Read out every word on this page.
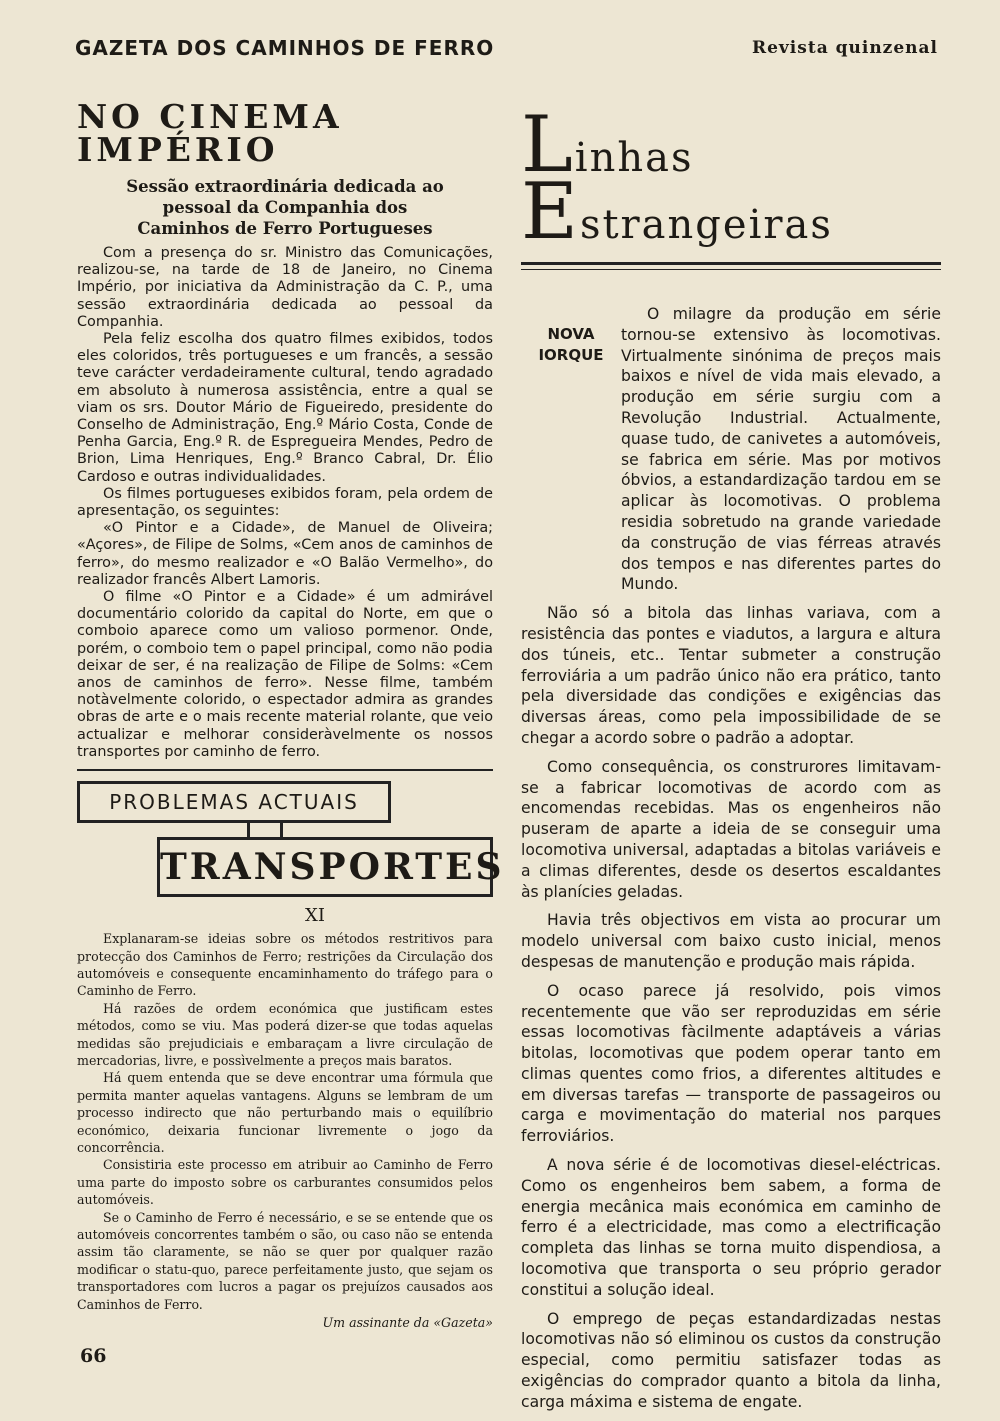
GAZETA DOS CAMINHOS DE FERRO	Revista quinzenal
NO CINEMA IMPÉRIO
Sessão extraordinária dedicada ao pessoal da Companhia dos Caminhos de Ferro Portugueses

Com a presença do sr. Ministro das Comunicações, realizou-se, na tarde de 18 de Janeiro, no Cinema Império, por iniciativa da Administração da C. P., uma sessão extraordinária dedicada ao pessoal da Companhia.

Pela feliz escolha dos quatro filmes exibidos, todos eles coloridos, três portugueses e um francês, a sessão teve carácter verdadeiramente cultural, tendo agradado em absoluto à numerosa assistência, entre a qual se viam os srs. Doutor Mário de Figueiredo, presidente do Conselho de Administração, Eng.º Mário Costa, Conde de Penha Garcia, Eng.º R. de Espregueira Mendes, Pedro de Brion, Lima Henriques, Eng.º Branco Cabral, Dr. Élio Cardoso e outras individualidades.

Os filmes portugueses exibidos foram, pela ordem de apresentação, os seguintes:

«O Pintor e a Cidade», de Manuel de Oliveira; «Açores», de Filipe de Solms, «Cem anos de caminhos de ferro», do mesmo realizador e «O Balão Vermelho», do realizador francês Albert Lamoris.

O filme «O Pintor e a Cidade» é um admirável documentário colorido da capital do Norte, em que o comboio aparece como um valioso pormenor. Onde, porém, o comboio tem o papel principal, como não podia deixar de ser, é na realização de Filipe de Solms: «Cem anos de caminhos de ferro». Nesse filme, também notàvelmente colorido, o espectador admira as grandes obras de arte e o mais recente material rolante, que veio actualizar e melhorar consideràvelmente os nossos transportes por caminho de ferro.

PROBLEMAS ACTUAIS
TRANSPORTES
XI

Explanaram-se ideias sobre os métodos restritivos para protecção dos Caminhos de Ferro; restrições da Circulação dos automóveis e consequente encaminhamento do tráfego para o Caminho de Ferro.

Há razões de ordem económica que justificam estes métodos, como se viu. Mas poderá dizer-se que todas aquelas medidas são prejudiciais e embaraçam a livre circulação de mercadorias, livre, e possìvelmente a preços mais baratos.

Há quem entenda que se deve encontrar uma fórmula que permita manter aquelas vantagens. Alguns se lembram de um processo indirecto que não perturbando mais o equilíbrio económico, deixaria funcionar livremente o jogo da concorrência.

Consistiria este processo em atribuir ao Caminho de Ferro uma parte do imposto sobre os carburantes consumidos pelos automóveis.

Se o Caminho de Ferro é necessário, e se se entende que os automóveis concorrentes também o são, ou caso não se entenda assim tão claramente, se não se quer por qualquer razão modificar o statu-quo, parece perfeitamente justo, que sejam os transportadores com lucros a pagar os prejuízos causados aos Caminhos de Ferro.

Um assinante da «Gazeta»
Linhas Estrangeiras
NOVA IORQUE

O milagre da produção em série tornou-se extensivo às locomotivas. Virtualmente sinónima de preços mais baixos e nível de vida mais elevado, a produção em série surgiu com a Revolução Industrial. Actualmente, quase tudo, de canivetes a automóveis, se fabrica em série. Mas por motivos óbvios, a estandardização tardou em se aplicar às locomotivas. O problema residia sobretudo na grande variedade da construção de vias férreas através dos tempos e nas diferentes partes do Mundo.

Não só a bitola das linhas variava, com a resistência das pontes e viadutos, a largura e altura dos túneis, etc.. Tentar submeter a construção ferroviária a um padrão único não era prático, tanto pela diversidade das condições e exigências das diversas áreas, como pela impossibilidade de se chegar a acordo sobre o padrão a adoptar.

Como consequência, os construrores limitavam-se a fabricar locomotivas de acordo com as encomendas recebidas. Mas os engenheiros não puseram de aparte a ideia de se conseguir uma locomotiva universal, adaptadas a bitolas variáveis e a climas diferentes, desde os desertos escaldantes às planícies geladas.

Havia três objectivos em vista ao procurar um modelo universal com baixo custo inicial, menos despesas de manutenção e produção mais rápida.

O ocaso parece já resolvido, pois vimos recentemente que vão ser reproduzidas em série essas locomotivas fàcilmente adaptáveis a várias bitolas, locomotivas que podem operar tanto em climas quentes como frios, a diferentes altitudes e em diversas tarefas — transporte de passageiros ou carga e movimentação do material nos parques ferroviários.

A nova série é de locomotivas diesel-eléctricas. Como os engenheiros bem sabem, a forma de energia mecânica mais económica em caminho de ferro é a electricidade, mas como a electrificação completa das linhas se torna muito dispendiosa, a locomotiva que transporta o seu próprio gerador constitui a solução ideal.

O emprego de peças estandardizadas nestas locomotivas não só eliminou os custos da construção especial, como permitiu satisfazer todas as exigências do comprador quanto a bitola da linha, carga máxima e sistema de engate.

66
